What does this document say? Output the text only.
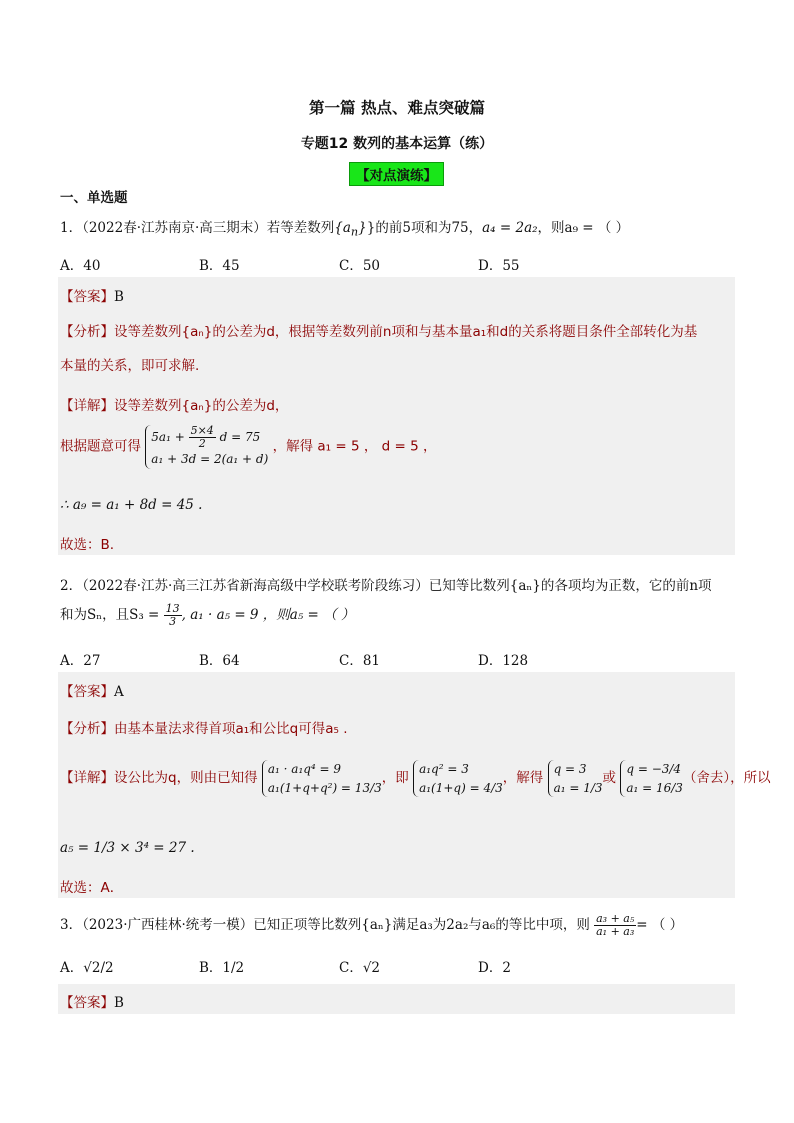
第一篇 热点、难点突破篇
专题12 数列的基本运算（练）
【对点演练】
一、单选题
1．（2022春·江苏南京·高三期末）若等差数列$\{a_n\}$}的前5项和为75，a₄ = 2a₂，则a₉ = （ ）
A．40	B．45	C．50	D．55
【答案】B
【分析】设等差数列{aₙ}的公差为d，根据等差数列前n项和与基本量a₁和d的关系将题目条件全部转化为基
本量的关系，即可求解.
【详解】设等差数列{aₙ}的公差为d，
根据题意可得 $5a_1 + \frac{5\times 4}{2}$ d = 75
a₁ + 3d = 2(a₁ + d) ，解得 a₁ = 5 ， d = 5 ，
∴ a₉ = a₁ + 8d = 45 .
故选：B.
2．（2022春·江苏·高三江苏省新海高级中学校联考阶段练习）已知等比数列{aₙ}的各项均为正数，它的前n项
和为Sₙ，且$S_3 = \frac{13}{3}$ , a₁ · a₅ = 9 ，则a₅ = （ ）
A．27	B．64	C．81	D．128
【答案】A
【分析】由基本量法求得首项a₁和公比q可得a₅ .
【详解】设公比为q，则由已知得 a₁ · a₁q⁴ = 9
a₁(1+q+q²) = 13/3，即 a₁q² = 3
a₁(1+q) = 4/3，解得 q = 3
a₁ = 1/3或 q = −3/4
a₁ = 16/3（舍去），所以
a₅ = 1/3 × 3⁴ = 27 .
故选：A．
3．（2023·广西桂林·统考一模）已知正项等比数列{aₙ}满足a₃为2a₂与a₆的等比中项，则 $\frac{\text{a₃ + a₅}}{\text{a₁ + a₃}}$ = （ ）
A．√2/2	B．1/2	C．√2	D．2
【答案】B
